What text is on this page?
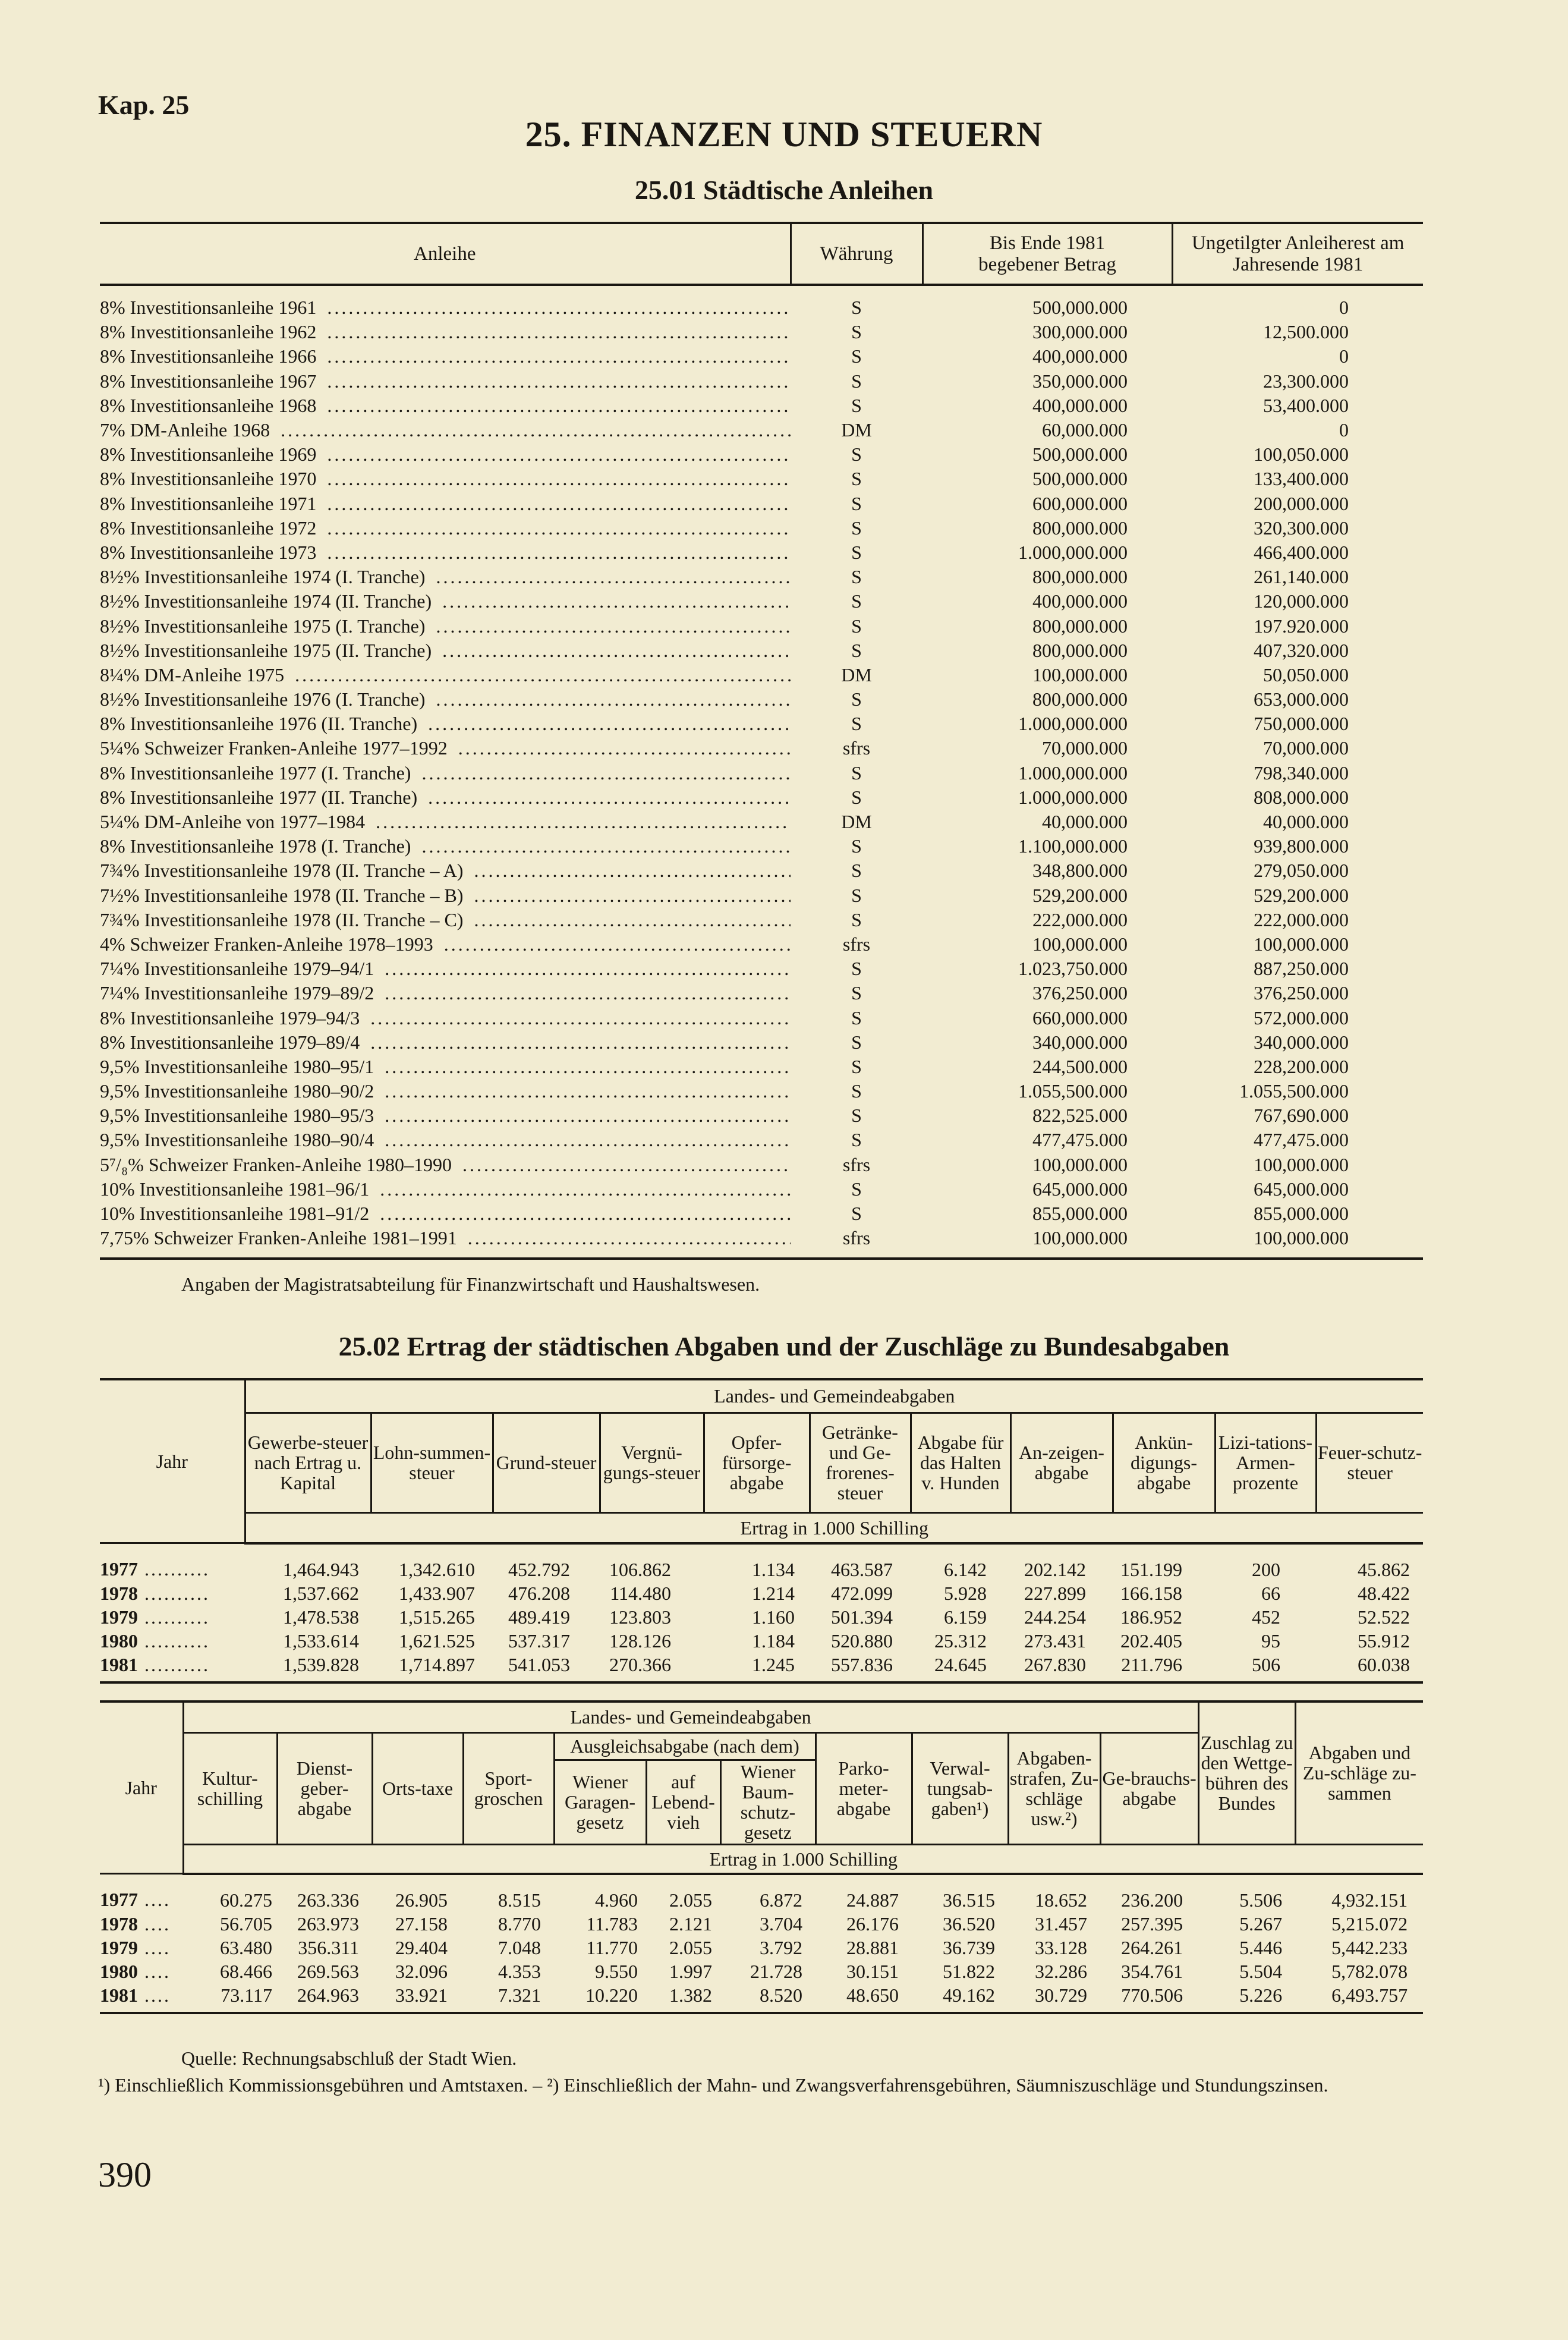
Kap. 25
25. FINANZEN UND STEUERN
25.01 Städtische Anleihen
Anleihe	Währung	Bis Ende 1981 begebener Betrag	Ungetilgter Anleiherest am Jahresende 1981

8% Investitionsanleihe 1961 .....	S	500,000.000	0

8% Investitionsanleihe 1962 .....	S	300,000.000	12,500.000

8% Investitionsanleihe 1966 .....	S	400,000.000	0

8% Investitionsanleihe 1967 .....	S	350,000.000	23,300.000

8% Investitionsanleihe 1968 .....	S	400,000.000	53,400.000

7% DM-Anleihe 1968 .....	DM	60,000.000	0

8% Investitionsanleihe 1969 .....	S	500,000.000	100,050.000

8% Investitionsanleihe 1970 .....	S	500,000.000	133,400.000

8% Investitionsanleihe 1971 .....	S	600,000.000	200,000.000

8% Investitionsanleihe 1972 .....	S	800,000.000	320,300.000

8% Investitionsanleihe 1973 .....	S	1.000,000.000	466,400.000

8½% Investitionsanleihe 1974 (I. Tranche) .....	S	800,000.000	261,140.000

8½% Investitionsanleihe 1974 (II. Tranche) .....	S	400,000.000	120,000.000

8½% Investitionsanleihe 1975 (I. Tranche) .....	S	800,000.000	197.920.000

8½% Investitionsanleihe 1975 (II. Tranche) .....	S	800,000.000	407,320.000

8¼% DM-Anleihe 1975 .....	DM	100,000.000	50,050.000

8½% Investitionsanleihe 1976 (I. Tranche) .....	S	800,000.000	653,000.000

8% Investitionsanleihe 1976 (II. Tranche) .....	S	1.000,000.000	750,000.000

5¼% Schweizer Franken-Anleihe 1977–1992 .....	sfrs	70,000.000	70,000.000

8% Investitionsanleihe 1977 (I. Tranche) .....	S	1.000,000.000	798,340.000

8% Investitionsanleihe 1977 (II. Tranche) .....	S	1.000,000.000	808,000.000

5¼% DM-Anleihe von 1977–1984 .....	DM	40,000.000	40,000.000

8% Investitionsanleihe 1978 (I. Tranche) .....	S	1.100,000.000	939,800.000

7¾% Investitionsanleihe 1978 (II. Tranche – A) .....	S	348,800.000	279,050.000

7½% Investitionsanleihe 1978 (II. Tranche – B) .....	S	529,200.000	529,200.000

7¾% Investitionsanleihe 1978 (II. Tranche – C) .....	S	222,000.000	222,000.000

4% Schweizer Franken-Anleihe 1978–1993 .....	sfrs	100,000.000	100,000.000

7¼% Investitionsanleihe 1979–94/1 .....	S	1.023,750.000	887,250.000

7¼% Investitionsanleihe 1979–89/2 .....	S	376,250.000	376,250.000

8% Investitionsanleihe 1979–94/3 .....	S	660,000.000	572,000.000

8% Investitionsanleihe 1979–89/4 .....	S	340,000.000	340,000.000

9,5% Investitionsanleihe 1980–95/1 .....	S	244,500.000	228,200.000

9,5% Investitionsanleihe 1980–90/2 .....	S	1.055,500.000	1.055,500.000

9,5% Investitionsanleihe 1980–95/3 .....	S	822,525.000	767,690.000

9,5% Investitionsanleihe 1980–90/4 .....	S	477,475.000	477,475.000

5⁷/₈% Schweizer Franken-Anleihe 1980–1990 .....	sfrs	100,000.000	100,000.000

10% Investitionsanleihe 1981–96/1 .....	S	645,000.000	645,000.000

10% Investitionsanleihe 1981–91/2 .....	S	855,000.000	855,000.000

7,75% Schweizer Franken-Anleihe 1981–1991 .....	sfrs	100,000.000	100,000.000
Angaben der Magistratsabteilung für Finanzwirtschaft und Haushaltswesen.
25.02 Ertrag der städtischen Abgaben und der Zuschläge zu Bundesabgaben
Jahr	Landes- und Gemeindeabgaben										
	Gewerbe-steuer nach Ertrag u. Kapital	Lohn-summen-steuer	Grund-steuer	Vergnü-gungs-steuer	Opfer-fürsorge-abgabe	Getränke- und Ge-frorenes-steuer	Abgabe für das Halten v. Hunden	An-zeigen-abgabe	Ankün-digungs-abgabe	Lizi-tations-Armen-prozente	Feuer-schutz-steuer
	Ertrag in 1.000 Schilling										
1977 ..........	1,464.943	1,342.610	452.792	106.862	1.134	463.587	6.142	202.142	151.199	200	45.862
1978 ..........	1,537.662	1,433.907	476.208	114.480	1.214	472.099	5.928	227.899	166.158	66	48.422
1979 ..........	1,478.538	1,515.265	489.419	123.803	1.160	501.394	6.159	244.254	186.952	452	52.522
1980 ..........	1,533.614	1,621.525	537.317	128.126	1.184	520.880	25.312	273.431	202.405	95	55.912
1981 ..........	1,539.828	1,714.897	541.053	270.366	1.245	557.836	24.645	267.830	211.796	506	60.038
Jahr	Landes- und Gemeindeabgaben											Zuschlag zu den Wettge-bühren des Bundes	Abgaben und Zu-schläge zu-sammen
	Kultur-schilling	Dienst-geber-abgabe	Orts-taxe	Sport-groschen	Ausgleichsabgabe (nach dem)			Parko-meter-abgabe	Verwal-tungsab-gaben¹)	Abgaben-strafen, Zu-schläge usw.²)	Ge-brauchs-abgabe		
					Wiener Garagen-gesetz	auf Lebend-vieh	Wiener Baum-schutz-gesetz						
	Ertrag in 1.000 Schilling												
1977 ....	60.275	263.336	26.905	8.515	4.960	2.055	6.872	24.887	36.515	18.652	236.200	5.506	4,932.151
1978 ....	56.705	263.973	27.158	8.770	11.783	2.121	3.704	26.176	36.520	31.457	257.395	5.267	5,215.072
1979 ....	63.480	356.311	29.404	7.048	11.770	2.055	3.792	28.881	36.739	33.128	264.261	5.446	5,442.233
1980 ....	68.466	269.563	32.096	4.353	9.550	1.997	21.728	30.151	51.822	32.286	354.761	5.504	5,782.078
1981 ....	73.117	264.963	33.921	7.321	10.220	1.382	8.520	48.650	49.162	30.729	770.506	5.226	6,493.757
Quelle: Rechnungsabschluß der Stadt Wien.
¹) Einschließlich Kommissionsgebühren und Amtstaxen. – ²) Einschließlich der Mahn- und Zwangsverfahrensgebühren, Säumniszuschläge und Stundungszinsen.
390
